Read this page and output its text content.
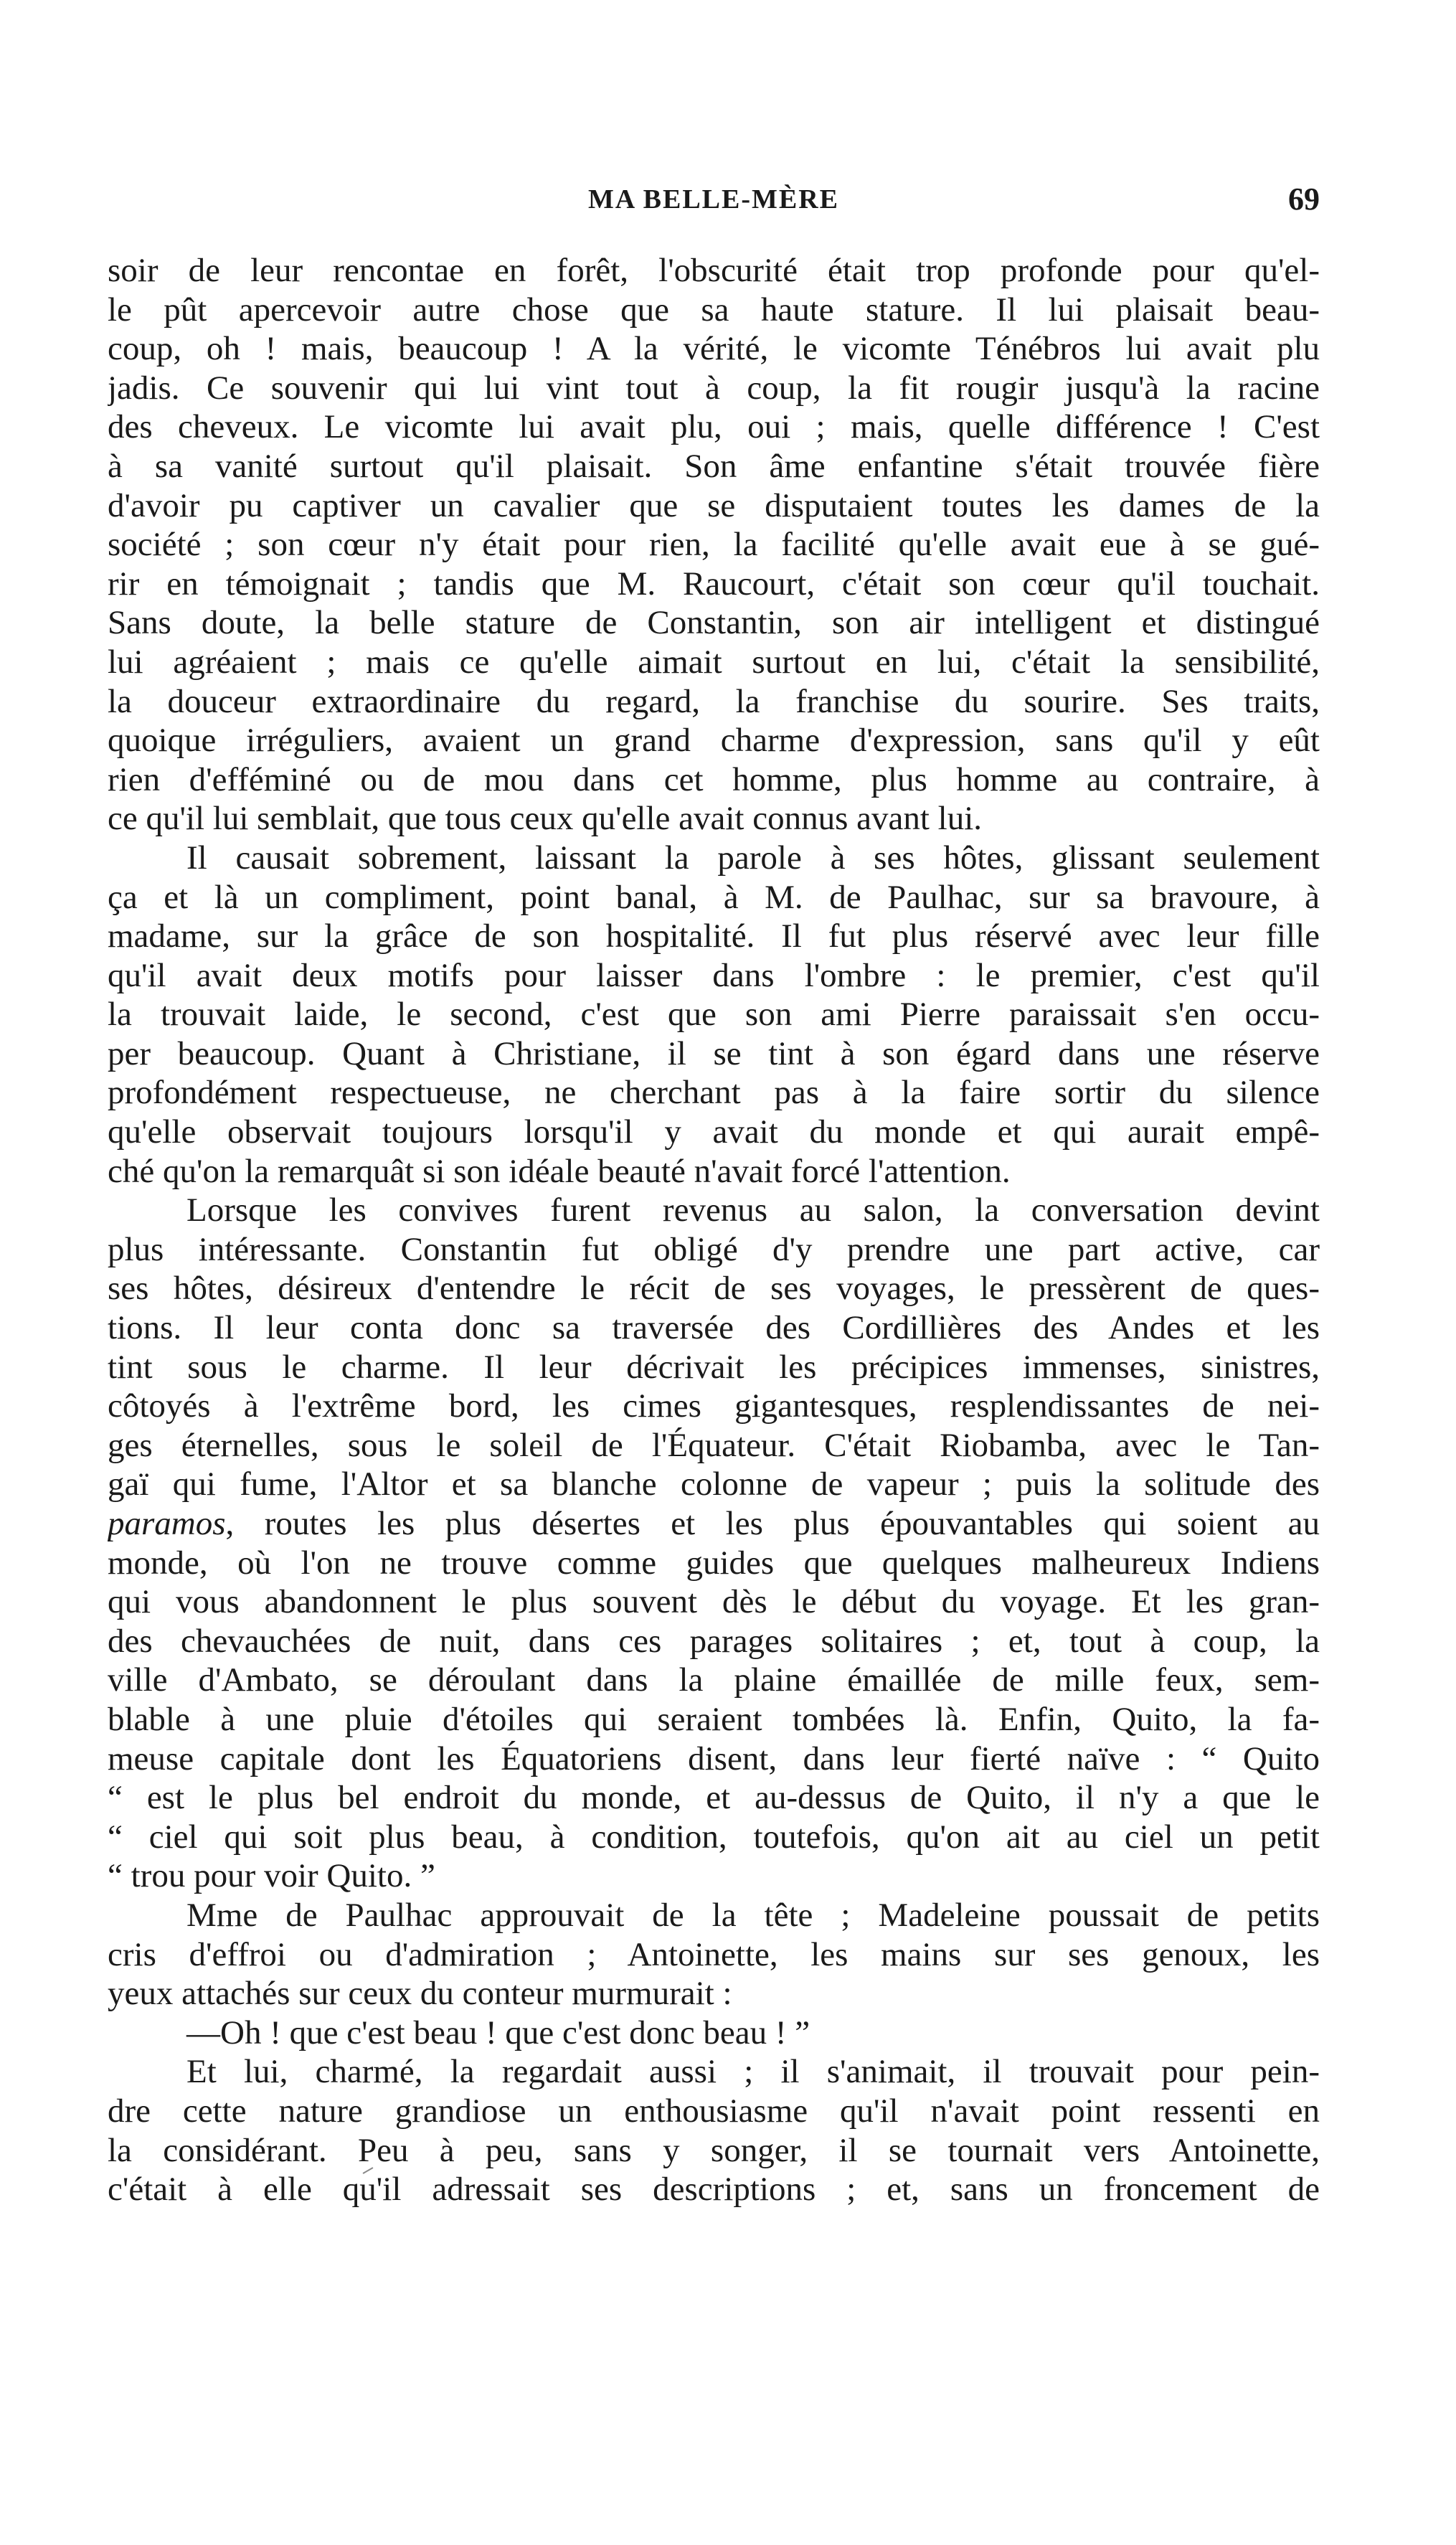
MA BELLE-MÈRE	69
soir de leur rencontae en forêt, l'obscurité était trop profonde pour qu'el-
le pût apercevoir autre chose que sa haute stature. Il lui plaisait beau-
coup, oh ! mais, beaucoup ! A la vérité, le vicomte Ténébros lui avait plu
jadis. Ce souvenir qui lui vint tout à coup, la fit rougir jusqu'à la racine
des cheveux. Le vicomte lui avait plu, oui ; mais, quelle différence ! C'est
à sa vanité surtout qu'il plaisait. Son âme enfantine s'était trouvée fière
d'avoir pu captiver un cavalier que se disputaient toutes les dames de la
société ; son cœur n'y était pour rien, la facilité qu'elle avait eue à se gué-
rir en témoignait ; tandis que M. Raucourt, c'était son cœur qu'il touchait.
Sans doute, la belle stature de Constantin, son air intelligent et distingué
lui agréaient ; mais ce qu'elle aimait surtout en lui, c'était la sensibilité,
la douceur extraordinaire du regard, la franchise du sourire. Ses traits,
quoique irréguliers, avaient un grand charme d'expression, sans qu'il y eût
rien d'efféminé ou de mou dans cet homme, plus homme au contraire, à
ce qu'il lui semblait, que tous ceux qu'elle avait connus avant lui.
Il causait sobrement, laissant la parole à ses hôtes, glissant seulement
ça et là un compliment, point banal, à M. de Paulhac, sur sa bravoure, à
madame, sur la grâce de son hospitalité. Il fut plus réservé avec leur fille
qu'il avait deux motifs pour laisser dans l'ombre : le premier, c'est qu'il
la trouvait laide, le second, c'est que son ami Pierre paraissait s'en occu-
per beaucoup. Quant à Christiane, il se tint à son égard dans une réserve
profondément respectueuse, ne cherchant pas à la faire sortir du silence
qu'elle observait toujours lorsqu'il y avait du monde et qui aurait empê-
ché qu'on la remarquât si son idéale beauté n'avait forcé l'attention.
Lorsque les convives furent revenus au salon, la conversation devint
plus intéressante. Constantin fut obligé d'y prendre une part active, car
ses hôtes, désireux d'entendre le récit de ses voyages, le pressèrent de ques-
tions. Il leur conta donc sa traversée des Cordillières des Andes et les
tint sous le charme. Il leur décrivait les précipices immenses, sinistres,
côtoyés à l'extrême bord, les cimes gigantesques, resplendissantes de nei-
ges éternelles, sous le soleil de l'Équateur. C'était Riobamba, avec le Tan-
gaï qui fume, l'Altor et sa blanche colonne de vapeur ; puis la solitude des
paramos, routes les plus désertes et les plus épouvantables qui soient au
monde, où l'on ne trouve comme guides que quelques malheureux Indiens
qui vous abandonnent le plus souvent dès le début du voyage. Et les gran-
des chevauchées de nuit, dans ces parages solitaires ; et, tout à coup, la
ville d'Ambato, se déroulant dans la plaine émaillée de mille feux, sem-
blable à une pluie d'étoiles qui seraient tombées là. Enfin, Quito, la fa-
meuse capitale dont les Équatoriens disent, dans leur fierté naïve : “ Quito
“ est le plus bel endroit du monde, et au-dessus de Quito, il n'y a que le
“ ciel qui soit plus beau, à condition, toutefois, qu'on ait au ciel un petit
“ trou pour voir Quito. ”
Mme de Paulhac approuvait de la tête ; Madeleine poussait de petits
cris d'effroi ou d'admiration ; Antoinette, les mains sur ses genoux, les
yeux attachés sur ceux du conteur murmurait :
—Oh ! que c'est beau ! que c'est donc beau ! ”
Et lui, charmé, la regardait aussi ; il s'animait, il trouvait pour pein-
dre cette nature grandiose un enthousiasme qu'il n'avait point ressenti en
la considérant. Peu à peu, sans y songer, il se tournait vers Antoinette,
c'était à elle qu'il adressait ses descriptions ; et, sans un froncement de
